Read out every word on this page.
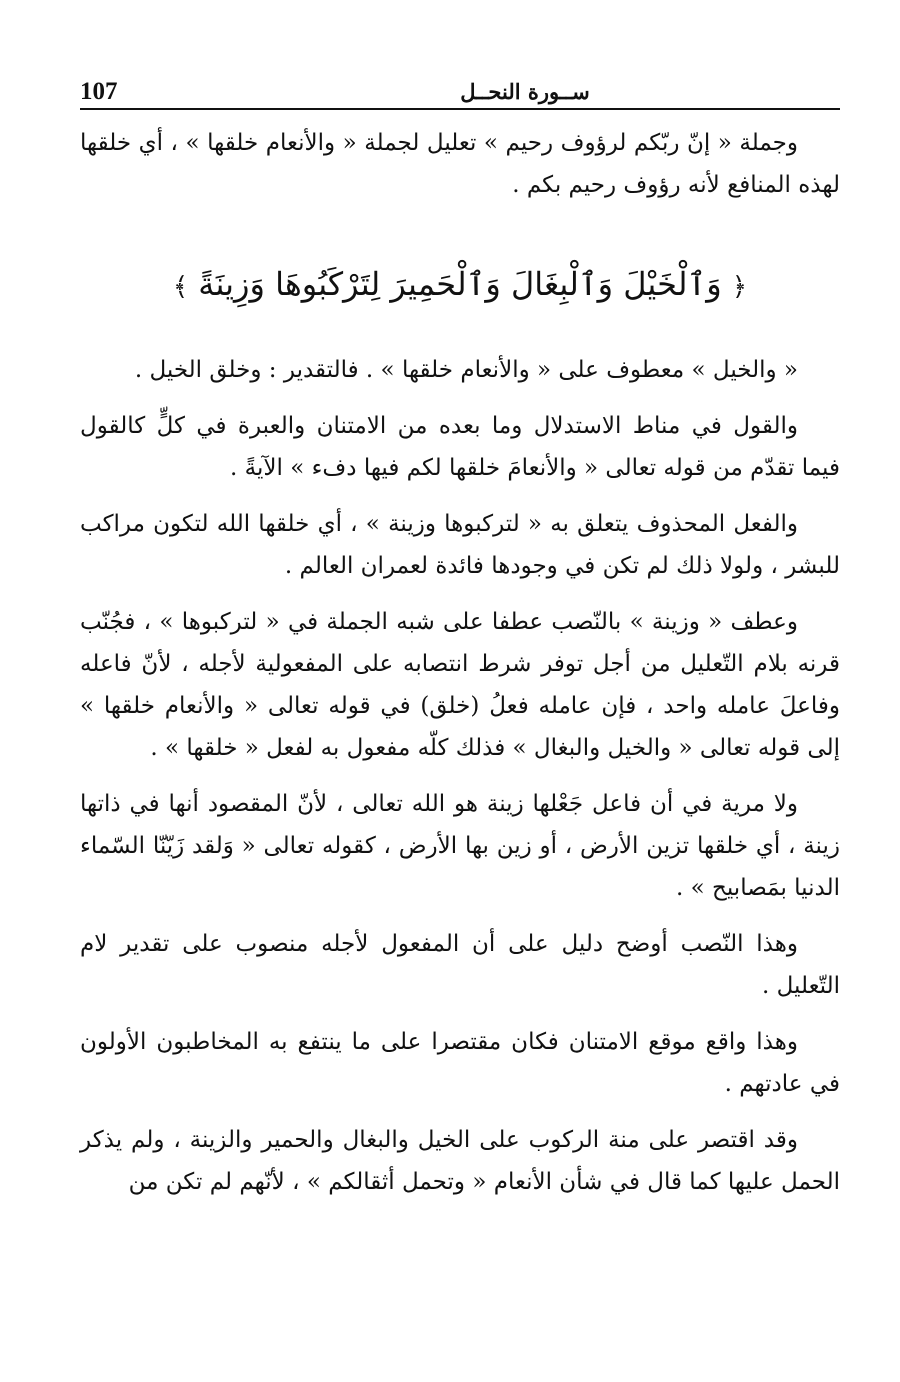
107	ســورة النحــل

وجملة « إنّ ربّكم لرؤوف رحيم » تعليل لجملة « والأنعام خلقها » ، أي خلقها لهذه المنافع لأنه رؤوف رحيم بكم .

﴿ وَٱلْخَيْلَ وَٱلْبِغَالَ وَٱلْحَمِيرَ لِتَرْكَبُوهَا وَزِينَةً ﴾

« والخيل » معطوف على « والأنعام خلقها » . فالتقدير : وخلق الخيل .

والقول في مناط الاستدلال وما بعده من الامتنان والعبرة في كلٍّ كالقول فيما تقدّم من قوله تعالى « والأنعامَ خلقها لكم فيها دفء » الآيةً .

والفعل المحذوف يتعلق به « لتركبوها وزينة » ، أي خلقها الله لتكون مراكب للبشر ، ولولا ذلك لم تكن في وجودها فائدة لعمران العالم .

وعطف « وزينة » بالنّصب عطفا على شبه الجملة في « لتركبوها » ، فجُنّب قرنه بلام التّعليل من أجل توفر شرط انتصابه على المفعولية لأجله ، لأنّ فاعله وفاعلَ عامله واحد ، فإن عامله فعلُ (خلق) في قوله تعالى « والأنعام خلقها » إلى قوله تعالى « والخيل والبغال » فذلك كلّه مفعول به لفعل « خلقها » .

ولا مرية في أن فاعل جَعْلها زينة هو الله تعالى ، لأنّ المقصود أنها في ذاتها زينة ، أي خلقها تزين الأرض ، أو زين بها الأرض ، كقوله تعالى « وَلقد زَيّنّا السّماء الدنيا بمَصابيح » .

وهذا النّصب أوضح دليل على أن المفعول لأجله منصوب على تقدير لام التّعليل .

وهذا واقع موقع الامتنان فكان مقتصرا على ما ينتفع به المخاطبون الأولون في عادتهم .

وقد اقتصر على منة الركوب على الخيل والبغال والحمير والزينة ، ولم يذكر الحمل عليها كما قال في شأن الأنعام « وتحمل أثقالكم » ، لأنّهم لم تكن من
